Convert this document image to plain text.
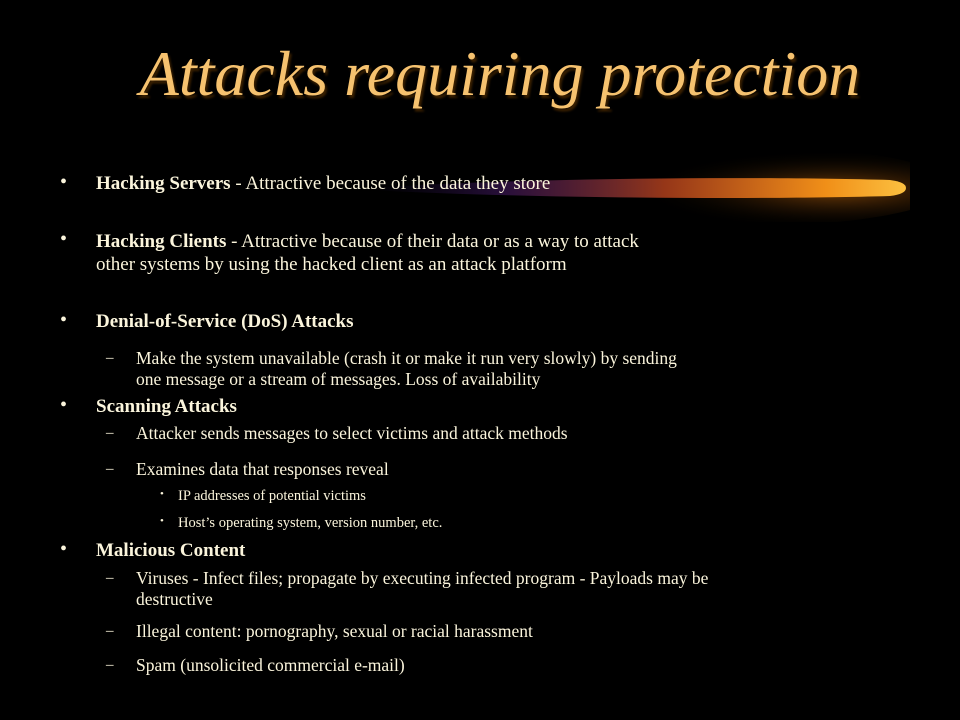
Attacks requiring protection
• Hacking Servers - Attractive because of the data they store
• Hacking Clients - Attractive because of their data or as a way to attack
other systems by using the hacked client as an attack platform
• Denial-of-Service (DoS) Attacks
– Make the system unavailable (crash it or make it run very slowly) by sending
one message or a stream of messages. Loss of availability
• Scanning Attacks
– Attacker sends messages to select victims and attack methods
– Examines data that responses reveal
• IP addresses of potential victims
• Host’s operating system, version number, etc.
• Malicious Content
– Viruses - Infect files; propagate by executing infected program - Payloads may be
destructive
– Illegal content: pornography, sexual or racial harassment
– Spam (unsolicited commercial e-mail)
